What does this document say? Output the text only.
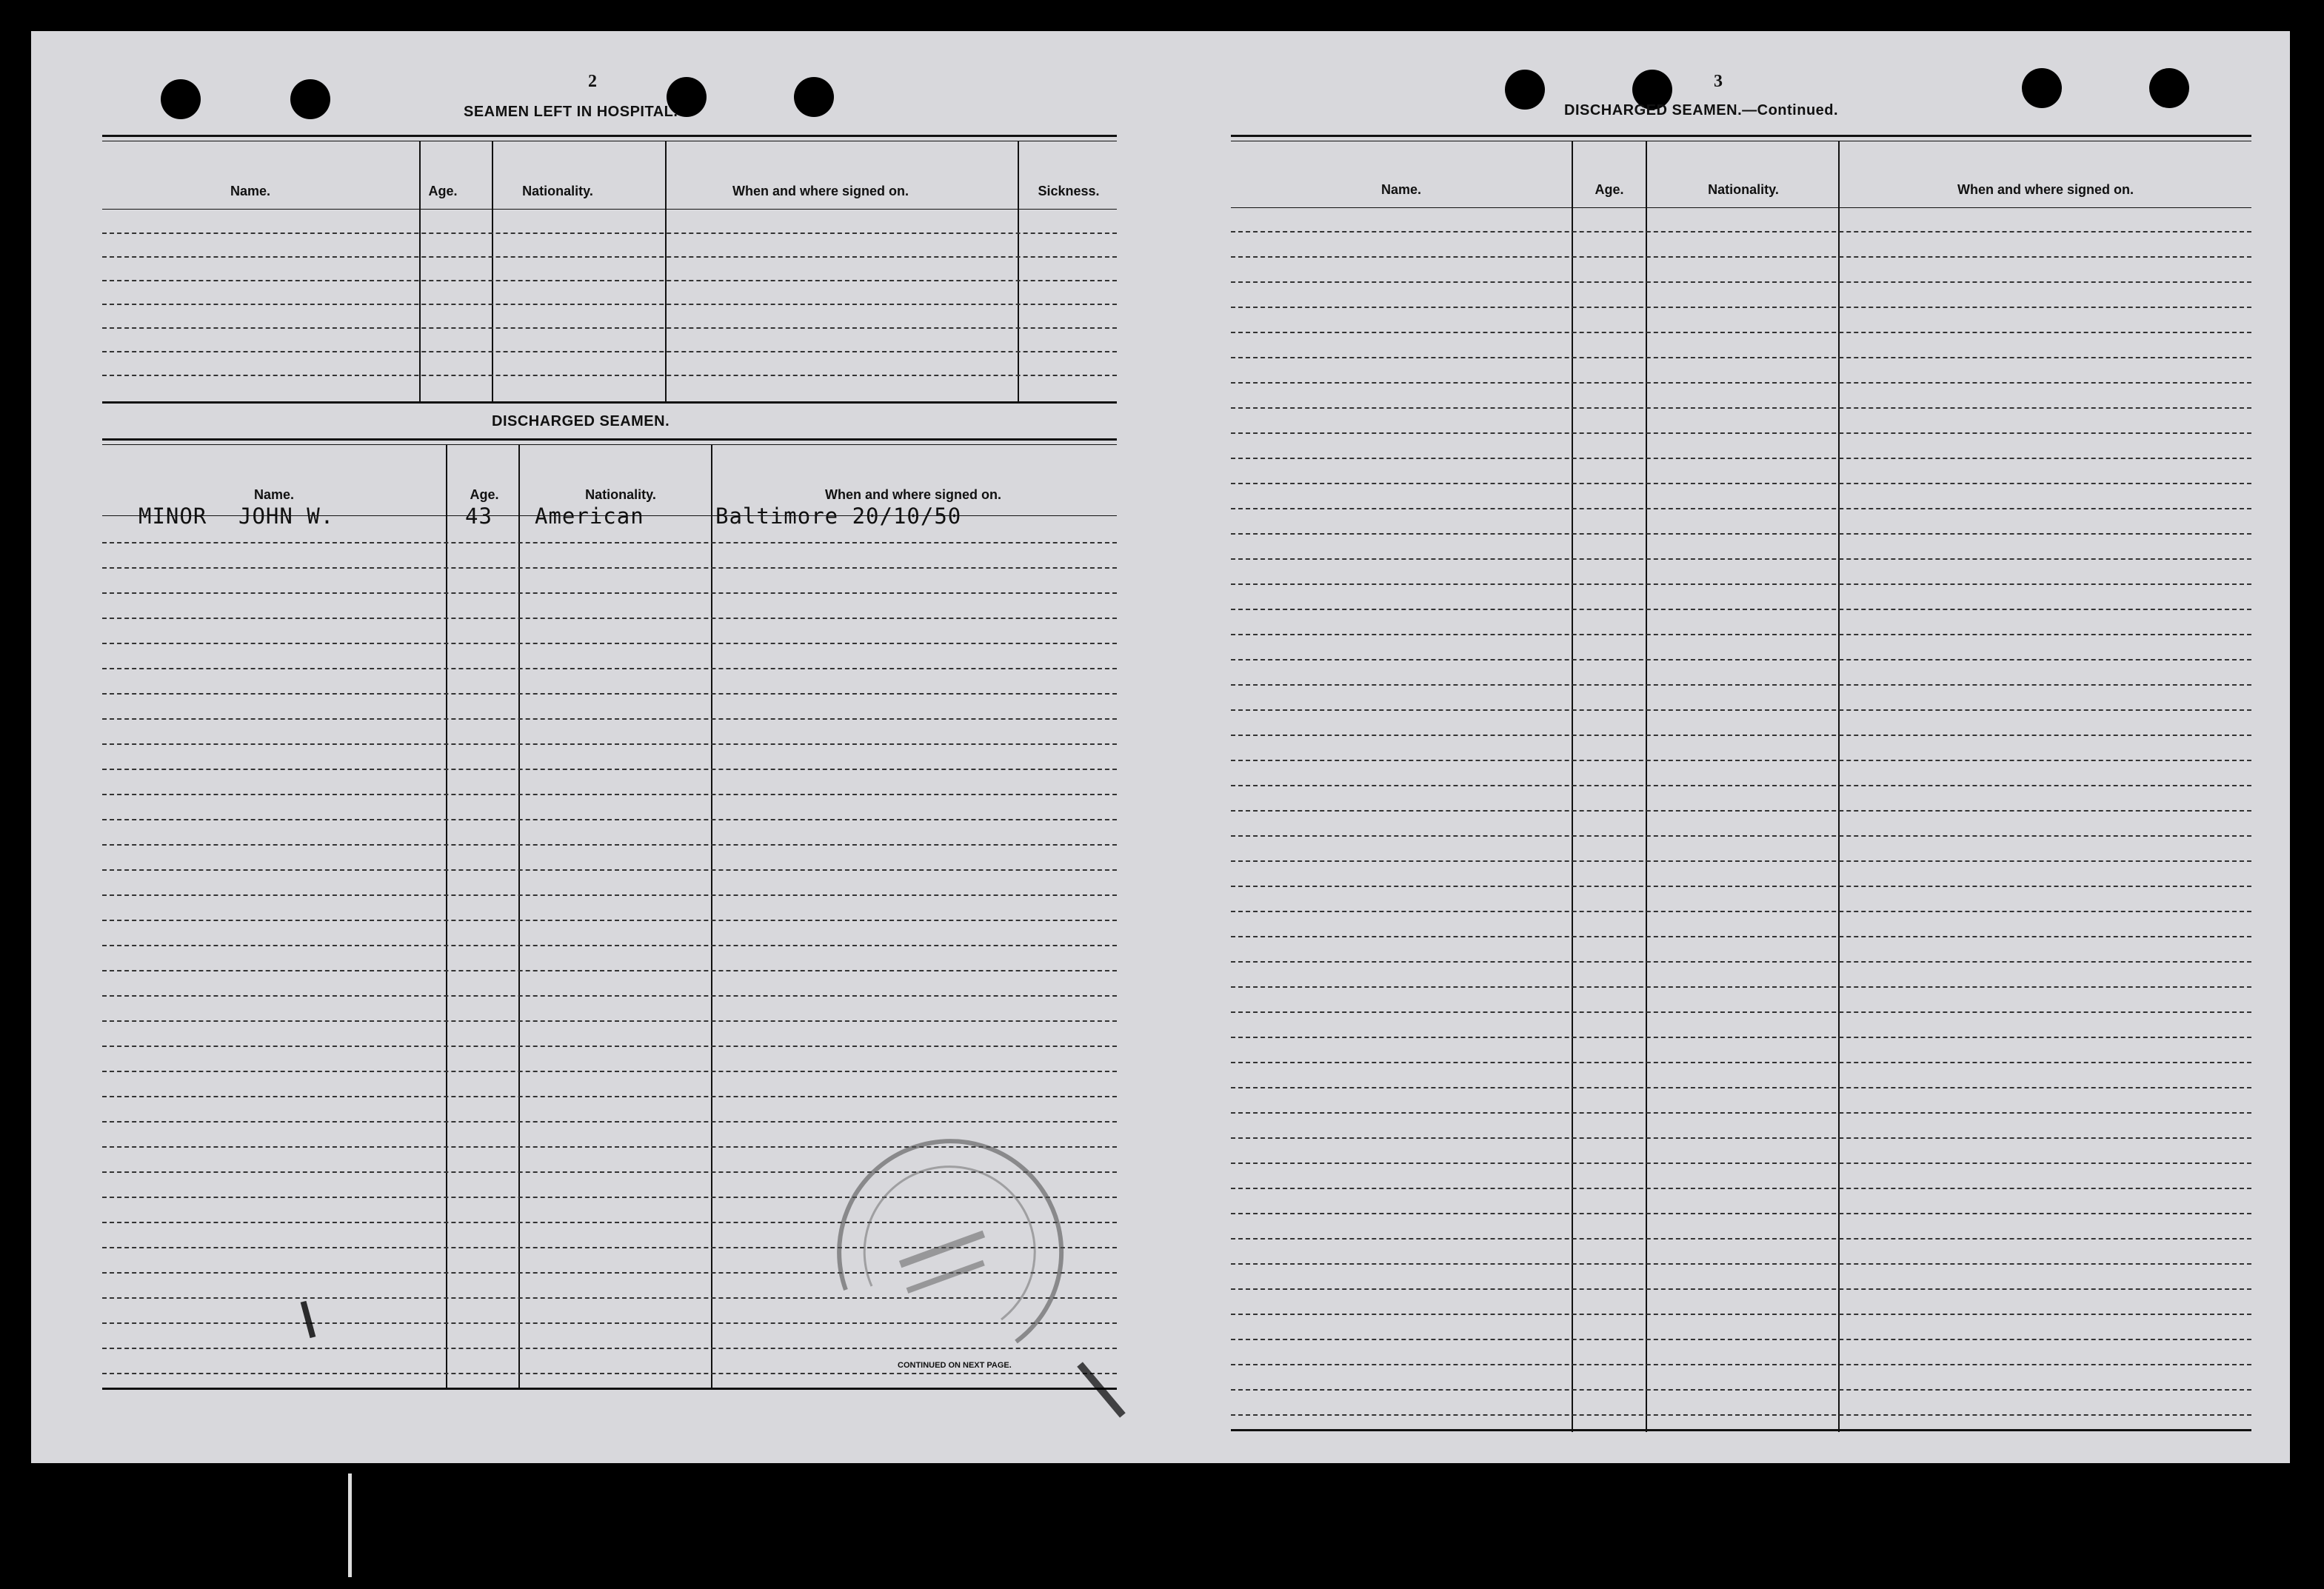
2
SEAMEN LEFT IN HOSPITAL.
Name.	Age.	Nationality.	When and where signed on.	Sickness.
DISCHARGED SEAMEN.
Name.	Age.	Nationality.	When and where signed on.
MINOR JOHN W.	43 American	Baltimore 20/10/50
CONTINUED ON NEXT PAGE.
3
DISCHARGED SEAMEN.—Continued.
Name.	Age.	Nationality.	When and where signed on.
